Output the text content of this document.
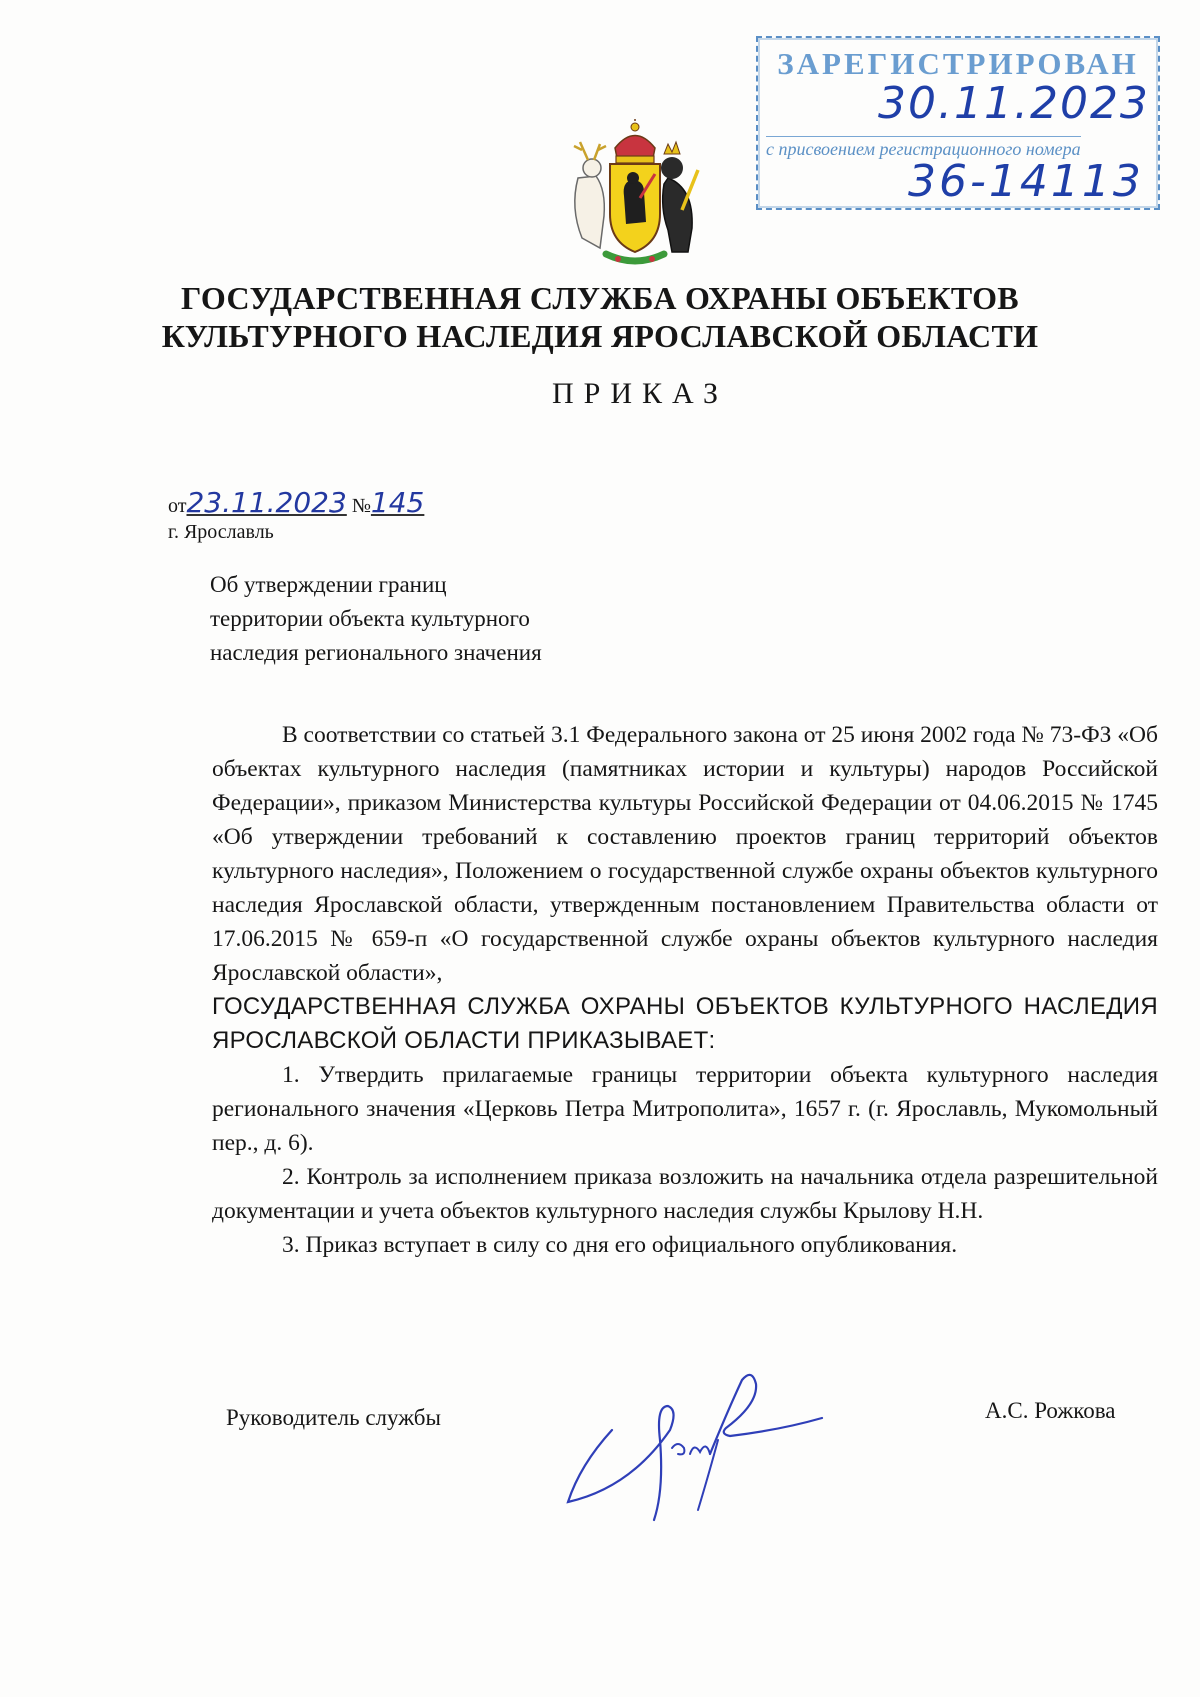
ЗАРЕГИСТРИРОВАН
30.11.2023
с присвоением регистрационного номера
36-14113
ГОСУДАРСТВЕННАЯ СЛУЖБА ОХРАНЫ ОБЪЕКТОВ
КУЛЬТУРНОГО НАСЛЕДИЯ ЯРОСЛАВСКОЙ ОБЛАСТИ
ПРИКАЗ
от23.11.2023 №145
г. Ярославль
Об утверждении границ
территории объекта культурного
наследия регионального значения

В соответствии со статьей 3.1 Федерального закона от 25 июня 2002 года № 73-ФЗ «Об объектах культурного наследия (памятниках истории и культуры) народов Российской Федерации», приказом Министерства культуры Российской Федерации от 04.06.2015 № 1745 «Об утверждении требований к составлению проектов границ территорий объектов культурного наследия», Положением о государственной службе охраны объектов культурного наследия Ярославской области, утвержденным постановлением Правительства области от 17.06.2015 № 659-п «О государственной службе охраны объектов культурного наследия Ярославской области»,

ГОСУДАРСТВЕННАЯ СЛУЖБА ОХРАНЫ ОБЪЕКТОВ КУЛЬТУРНОГО НАСЛЕДИЯ ЯРОСЛАВСКОЙ ОБЛАСТИ ПРИКАЗЫВАЕТ:

1. Утвердить прилагаемые границы территории объекта культурного наследия регионального значения «Церковь Петра Митрополита», 1657 г. (г. Ярославль, Мукомольный пер., д. 6).

2. Контроль за исполнением приказа возложить на начальника отдела разрешительной документации и учета объектов культурного наследия службы Крылову Н.Н.

3. Приказ вступает в силу со дня его официального опубликования.

Руководитель службы	А.С. Рожкова
